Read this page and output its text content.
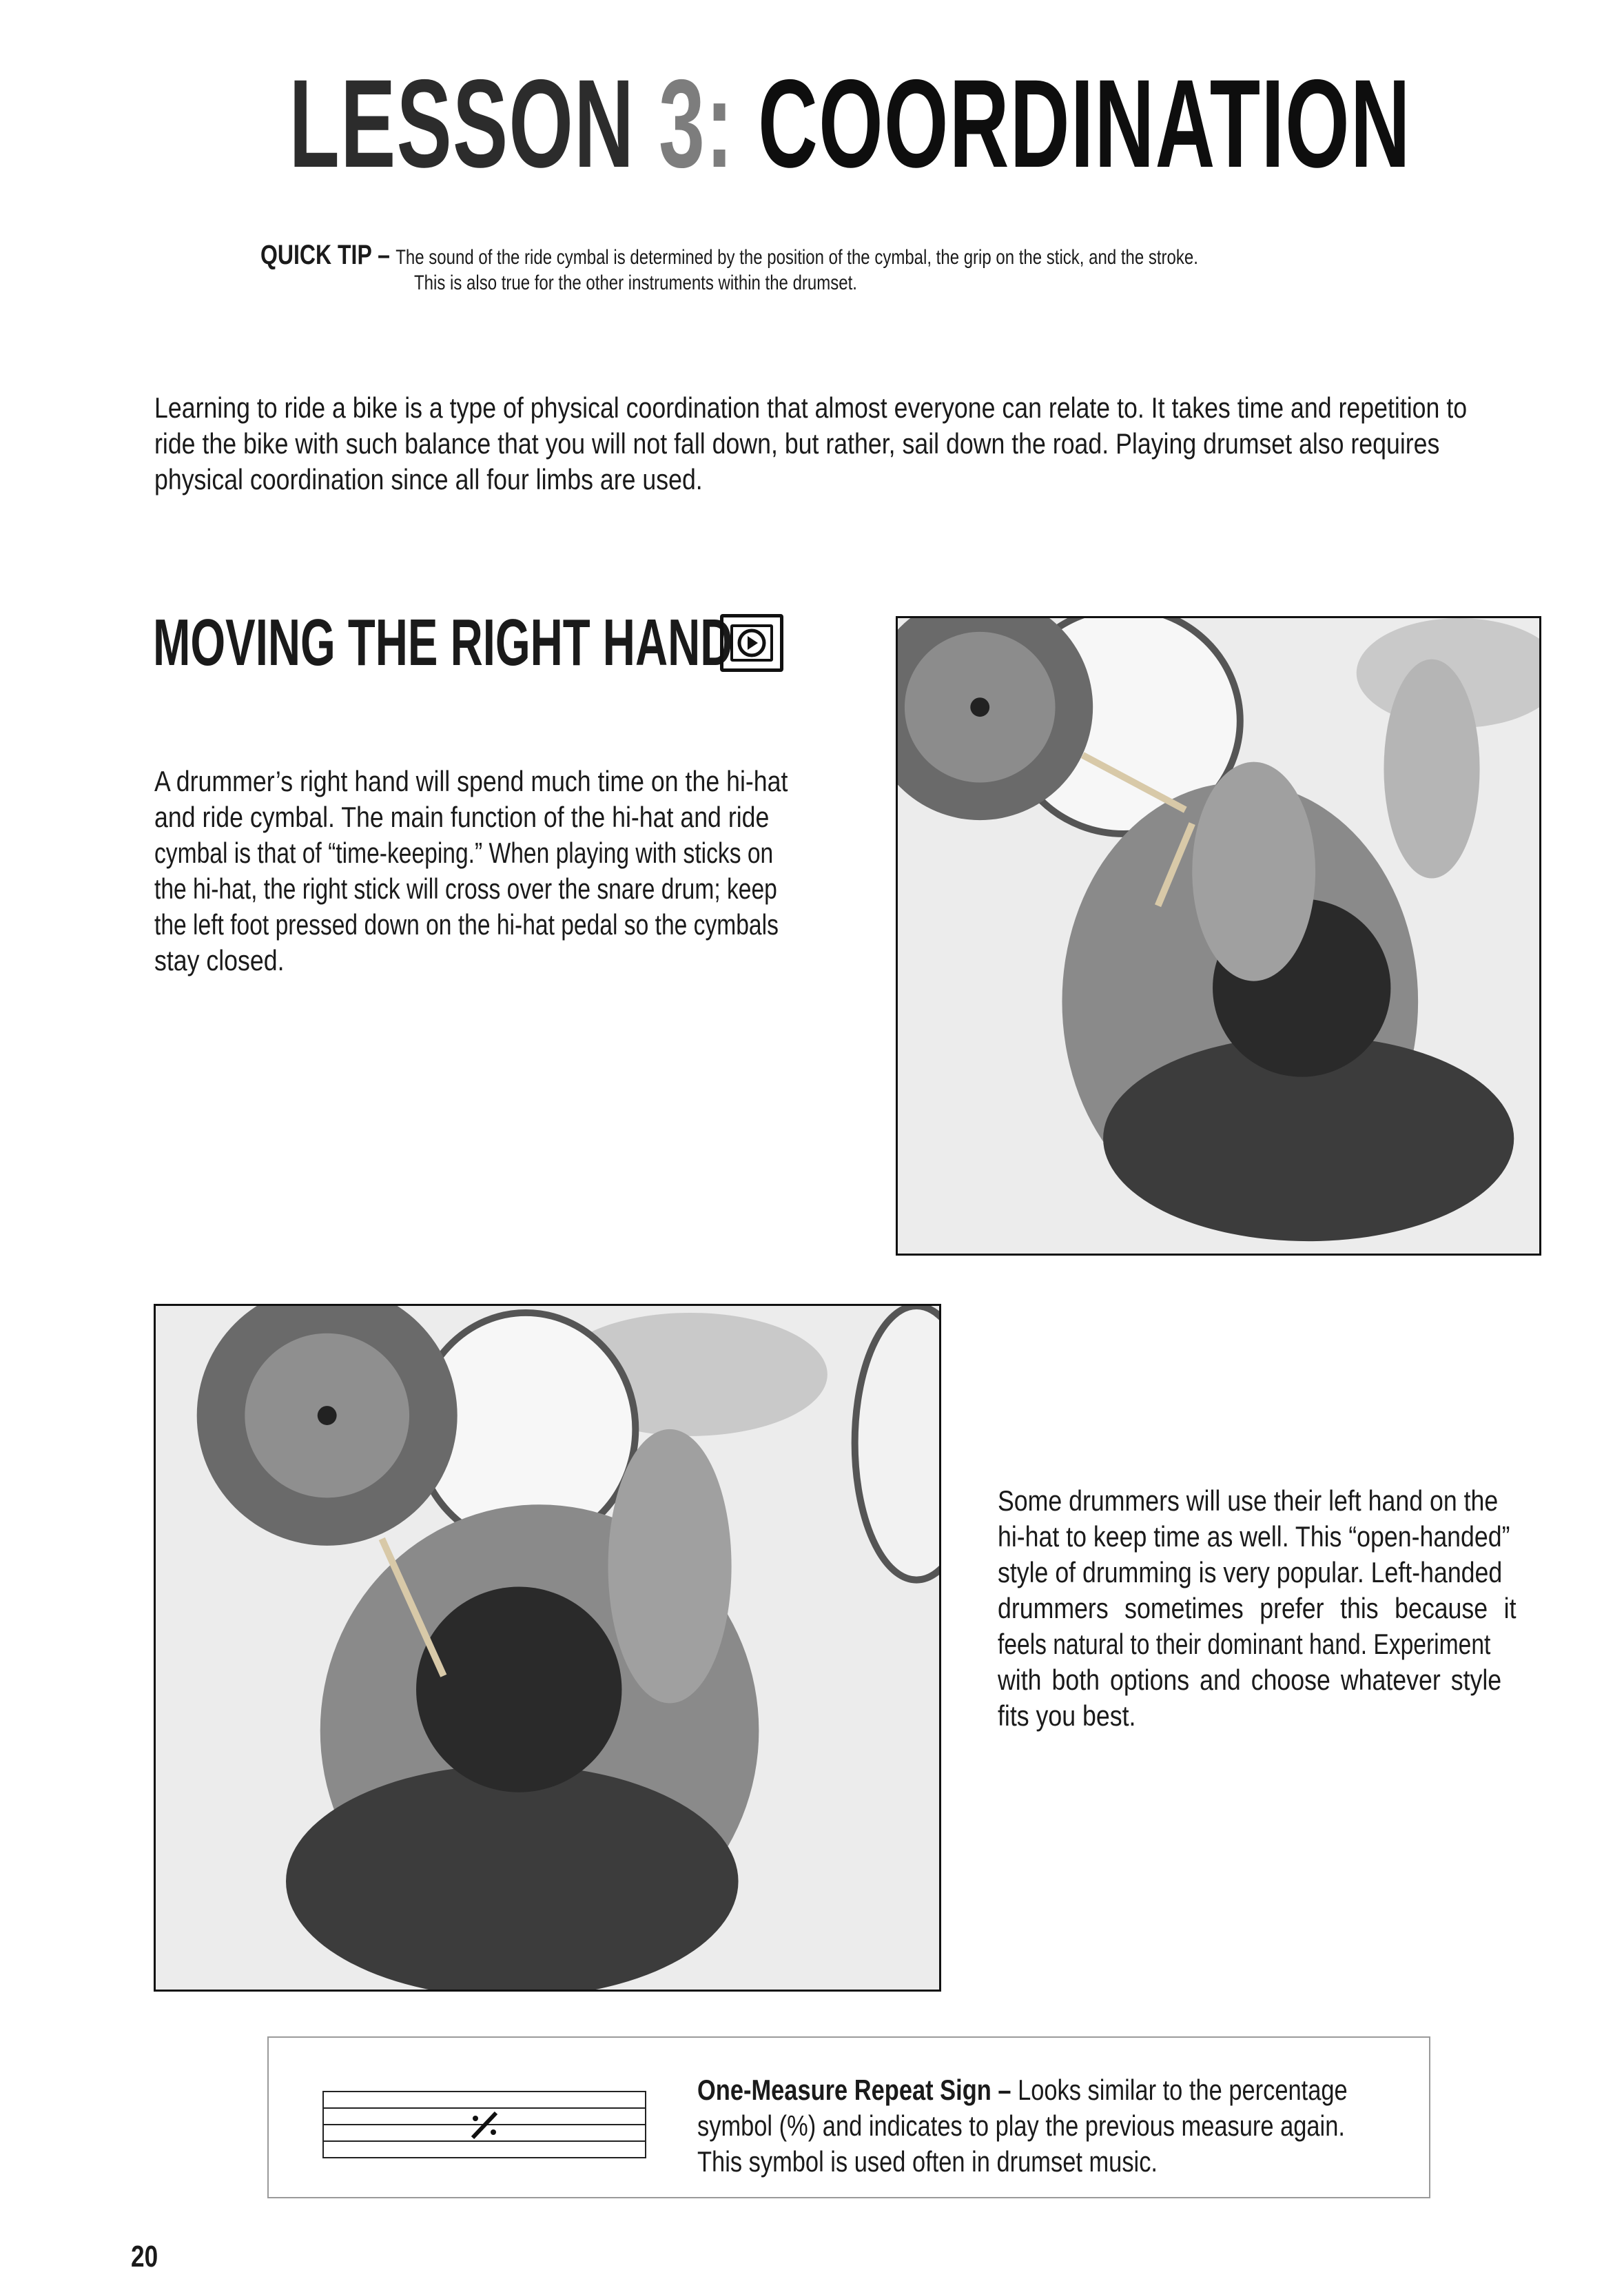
LESSON 3: COORDINATION
QUICK TIP – The sound of the ride cymbal is determined by the position of the cymbal, the grip on the stick, and the stroke.
This is also true for the other instruments within the drumset.
Learning to ride a bike is a type of physical coordination that almost everyone can relate to. It takes time and repetition to
ride the bike with such balance that you will not fall down, but rather, sail down the road. Playing drumset also requires
physical coordination since all four limbs are used.
MOVING THE RIGHT HAND
A drummer’s right hand will spend much time on the hi-hat
and ride cymbal. The main function of the hi-hat and ride
cymbal is that of “time-keeping.” When playing with sticks on
the hi-hat, the right stick will cross over the snare drum; keep
the left foot pressed down on the hi-hat pedal so the cymbals
stay closed.
Some drummers will use their left hand on the
hi-hat to keep time as well. This “open-handed”
style of drumming is very popular. Left-handed
drummers sometimes prefer this because it
feels natural to their dominant hand. Experiment
with both options and choose whatever style
fits you best.
One-Measure Repeat Sign – Looks similar to the percentage
symbol (%) and indicates to play the previous measure again.
This symbol is used often in drumset music.
20
